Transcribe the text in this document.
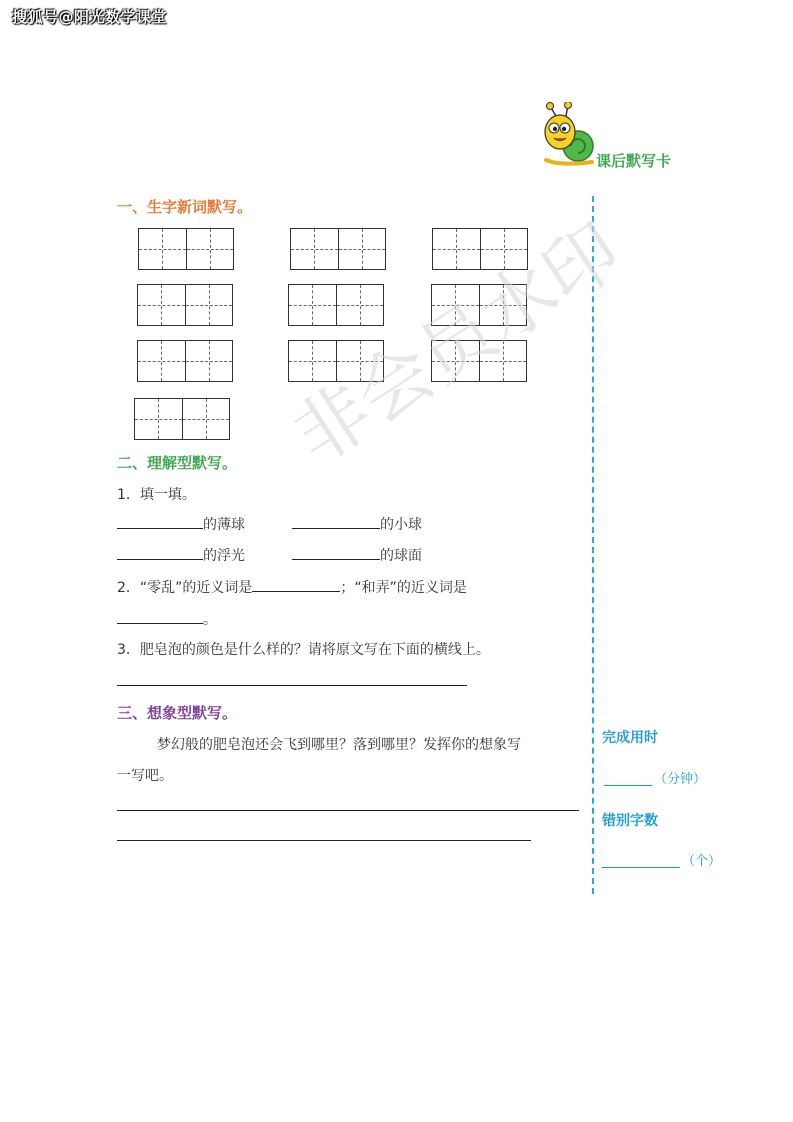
搜狐号@阳光数学课堂
课后默写卡
一、生字新词默写。
二、理解型默写。
1．填一填。
的薄球	的小球
的浮光	的球面
2．“零乱”的近义词是	；“和弄”的近义词是
。
3．肥皂泡的颜色是什么样的？请将原文写在下面的横线上。
三、想象型默写。
梦幻般的肥皂泡还会飞到哪里？落到哪里？发挥你的想象写
一写吧。
完成用时
（分钟）
错别字数
（个）
非会员水印
